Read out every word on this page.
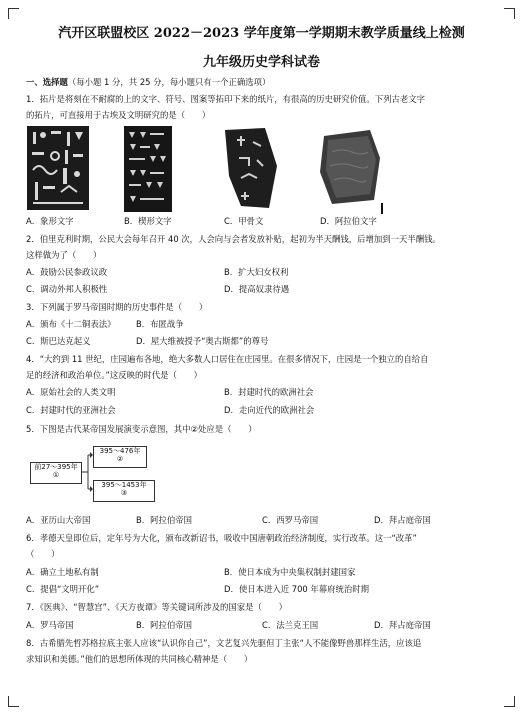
汽开区联盟校区 2022－2023 学年度第一学期期末教学质量线上检测
九年级历史学科试卷
一、选择题（每小题 1 分，共 25 分，每小题只有一个正确选项）
1．拓片是将刻在不耐腐的上的文字、符号、图案等拓印下来的纸片，有很高的历史研究价值。下列古老文字
的拓片，可直接用于古埃及文明研究的是（　　）
A．象形文字	B．楔形文字	C．甲骨文	D．阿拉伯文字
2．伯里克利时期，公民大会每年召开 40 次，人会向与会者发放补贴，起初为半天酬钱，后增加到一天半酬钱。
这样做为了（　　）
A．鼓励公民参政议政	B．扩大妇女权利
C．调动外邦人积极性	D．提高奴隶待遇
3．下列属于罗马帝国时期的历史事件是（　　）
A．颁布《十二铜表法》 B．布匿战争
C．斯巴达克起义	D．屋大维被授予“奥古斯都”的尊号
4．“大约到 11 世纪，庄园遍布各地，绝大多数人口居住在庄园里。在很多情况下，庄园是一个独立的自给自
足的经济和政治单位。”这反映的时代是（　　）
A．原始社会的人类文明	B．封建时代的欧洲社会
C．封建时代的亚洲社会	D．走向近代的欧洲社会
5．下图是古代某帝国发展演变示意图，其中②处应是（　　）
前27～395年
①
395～476年
②
395～1453年
③
A．亚历山大帝国	B．阿拉伯帝国	C．西罗马帝国	D．拜占庭帝国
6．孝德天皇即位后，定年号为大化，颁布改新诏书，吸收中国唐朝政治经济制度，实行改革。这一“改革”
（　　）
A．确立土地私有制	B．使日本成为中央集权制封建国家
C．提倡“文明开化”	D．使日本进入近 700 年幕府统治时期
7．《医典》、“智慧宫”、《天方夜谭》等关键词所涉及的国家是（　　）
A．罗马帝国	B．阿拉伯帝国	C．法兰克王国	D．拜占庭帝国
8．古希腊先哲苏格拉底主张人应该“认识你自己”，文艺复兴先驱但丁主张“人不能像野兽那样生活，应该追
求知识和美德。”他们的思想所体现的共同核心精神是（　　）
